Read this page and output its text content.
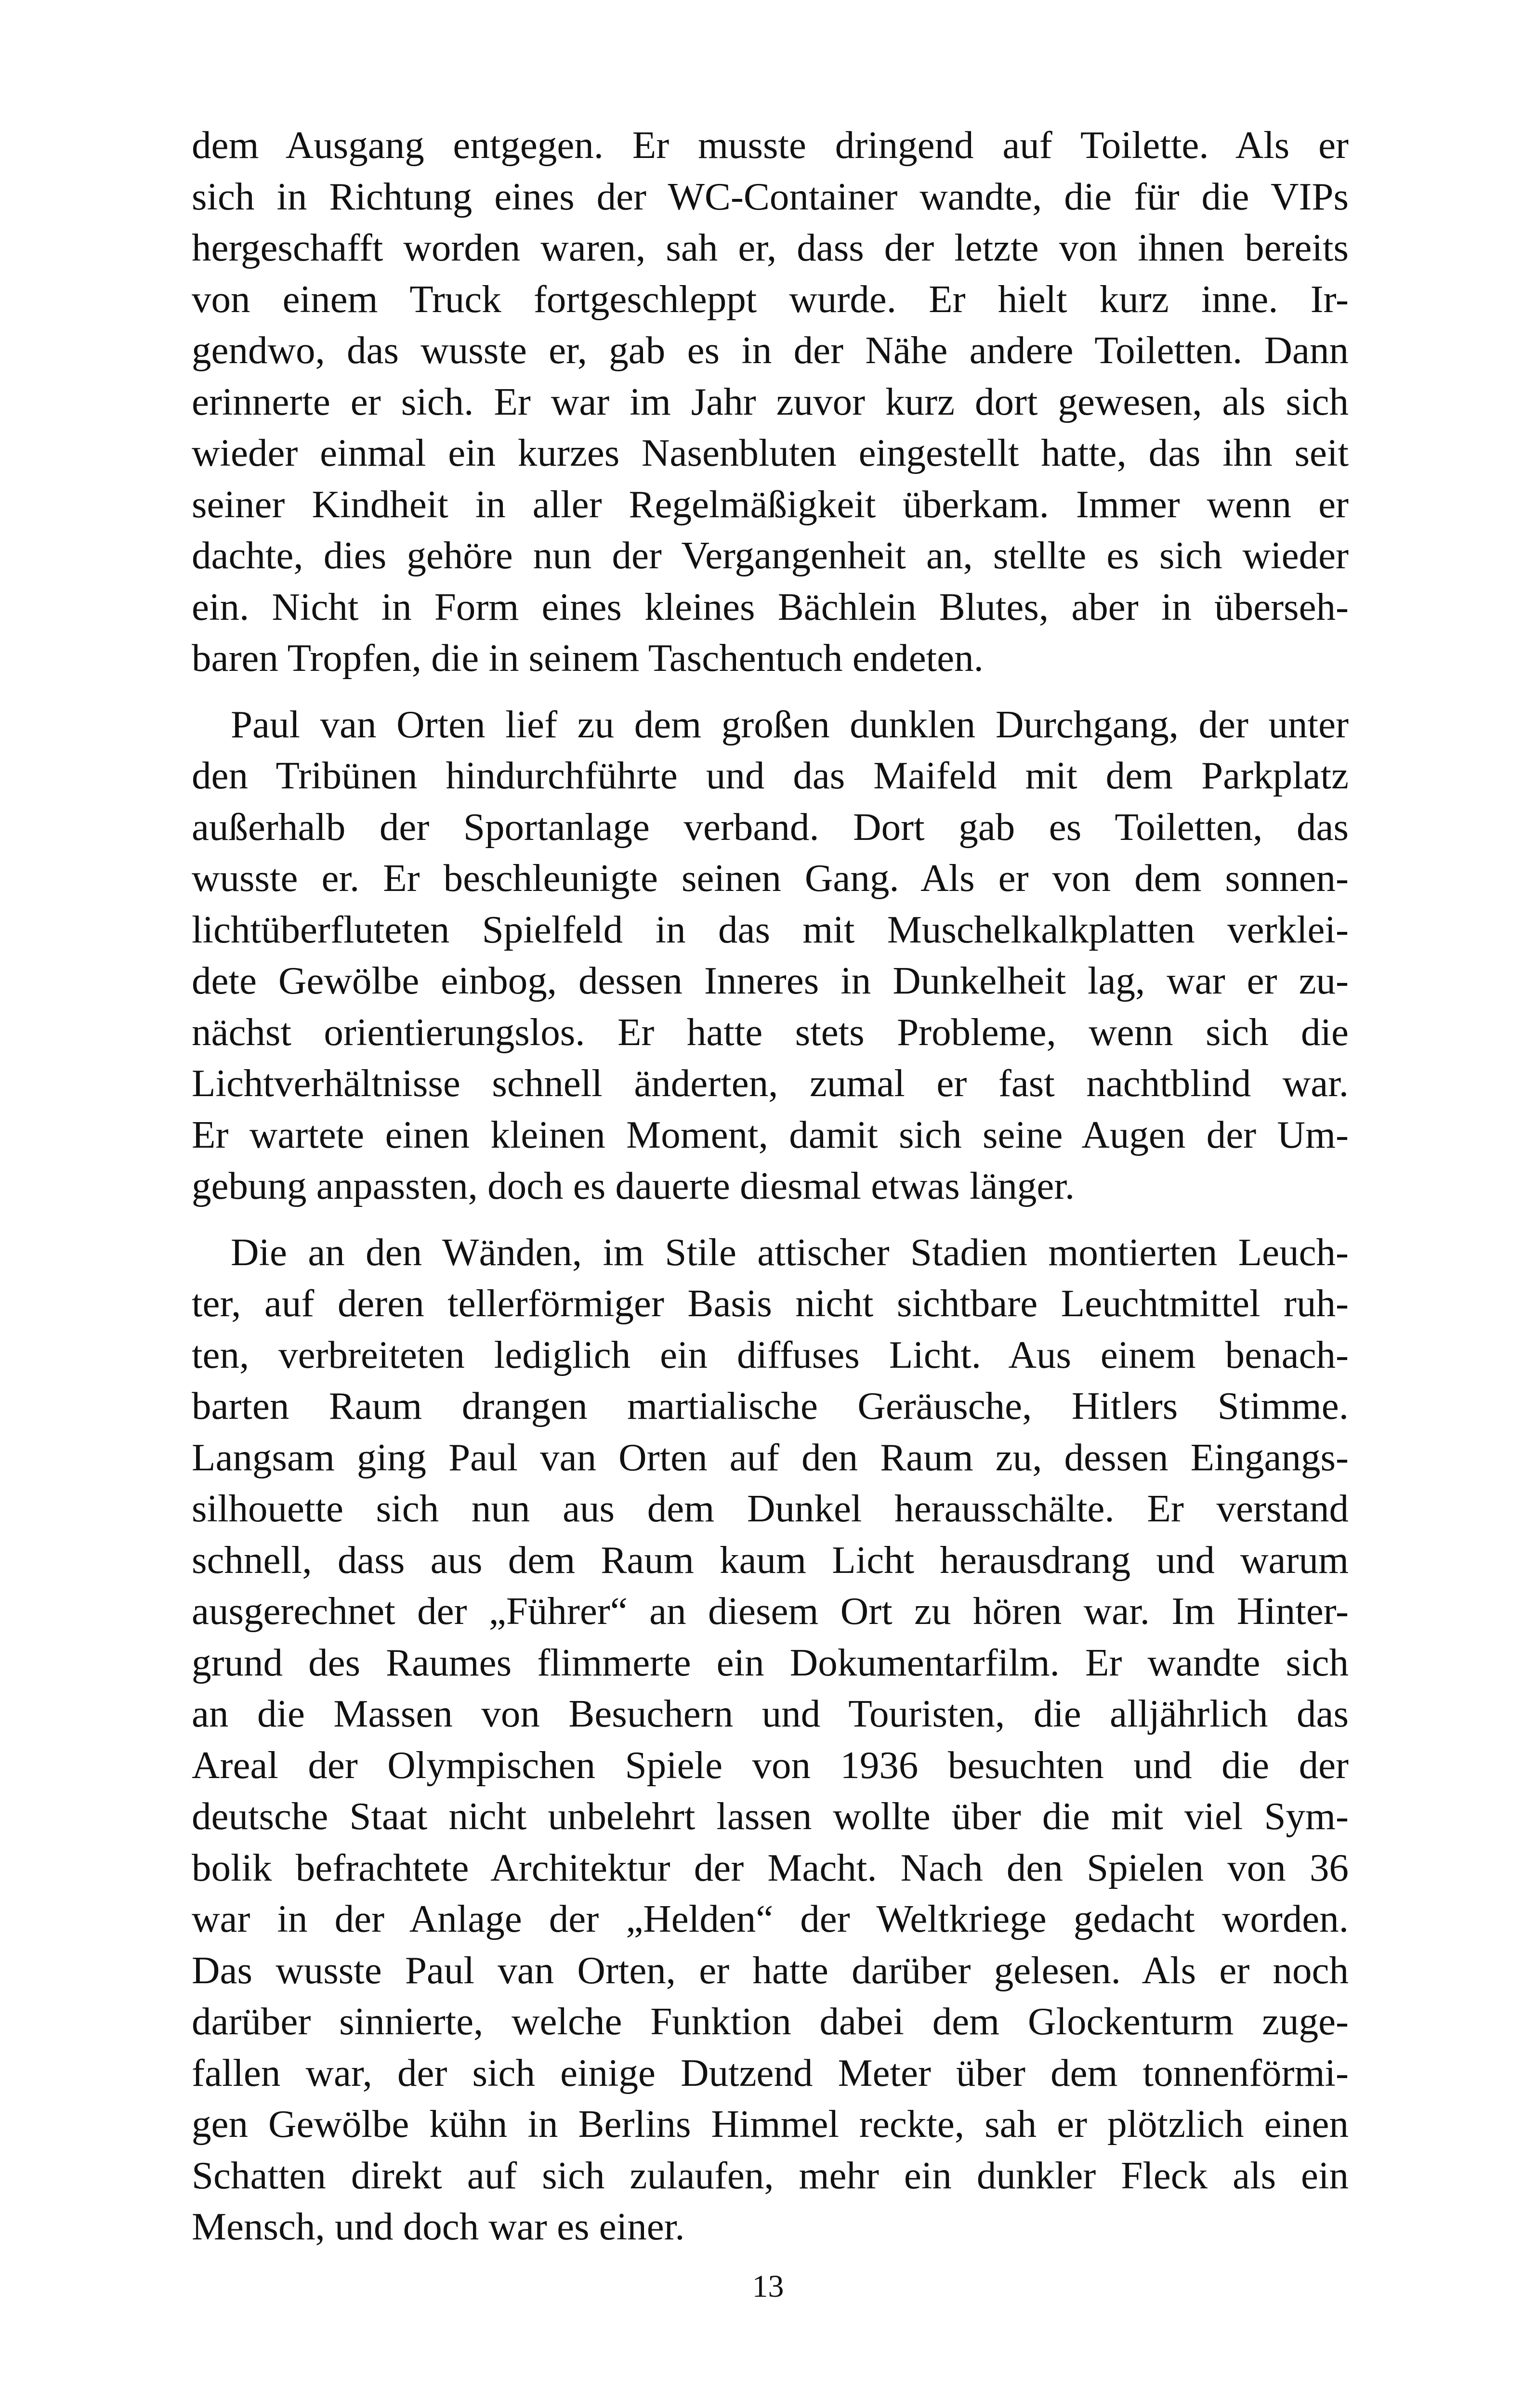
dem Ausgang entgegen. Er musste dringend auf Toilette. Als er
sich in Richtung eines der WC-Container wandte, die für die VIPs
hergeschafft worden waren, sah er, dass der letzte von ihnen bereits
von einem Truck fortgeschleppt wurde. Er hielt kurz inne. Ir-
gendwo, das wusste er, gab es in der Nähe andere Toiletten. Dann
erinnerte er sich. Er war im Jahr zuvor kurz dort gewesen, als sich
wieder einmal ein kurzes Nasenbluten eingestellt hatte, das ihn seit
seiner Kindheit in aller Regelmäßigkeit überkam. Immer wenn er
dachte, dies gehöre nun der Vergangenheit an, stellte es sich wieder
ein. Nicht in Form eines kleines Bächlein Blutes, aber in überseh-
baren Tropfen, die in seinem Taschentuch endeten.
Paul van Orten lief zu dem großen dunklen Durchgang, der unter
den Tribünen hindurchführte und das Maifeld mit dem Parkplatz
außerhalb der Sportanlage verband. Dort gab es Toiletten, das
wusste er. Er beschleunigte seinen Gang. Als er von dem sonnen-
lichtüberfluteten Spielfeld in das mit Muschelkalkplatten verklei-
dete Gewölbe einbog, dessen Inneres in Dunkelheit lag, war er zu-
nächst orientierungslos. Er hatte stets Probleme, wenn sich die
Lichtverhältnisse schnell änderten, zumal er fast nachtblind war.
Er wartete einen kleinen Moment, damit sich seine Augen der Um-
gebung anpassten, doch es dauerte diesmal etwas länger.
Die an den Wänden, im Stile attischer Stadien montierten Leuch-
ter, auf deren tellerförmiger Basis nicht sichtbare Leuchtmittel ruh-
ten, verbreiteten lediglich ein diffuses Licht. Aus einem benach-
barten Raum drangen martialische Geräusche, Hitlers Stimme.
Langsam ging Paul van Orten auf den Raum zu, dessen Eingangs-
silhouette sich nun aus dem Dunkel herausschälte. Er verstand
schnell, dass aus dem Raum kaum Licht herausdrang und warum
ausgerechnet der „Führer“ an diesem Ort zu hören war. Im Hinter-
grund des Raumes flimmerte ein Dokumentarfilm. Er wandte sich
an die Massen von Besuchern und Touristen, die alljährlich das
Areal der Olympischen Spiele von 1936 besuchten und die der
deutsche Staat nicht unbelehrt lassen wollte über die mit viel Sym-
bolik befrachtete Architektur der Macht. Nach den Spielen von 36
war in der Anlage der „Helden“ der Weltkriege gedacht worden.
Das wusste Paul van Orten, er hatte darüber gelesen. Als er noch
darüber sinnierte, welche Funktion dabei dem Glockenturm zuge-
fallen war, der sich einige Dutzend Meter über dem tonnenförmi-
gen Gewölbe kühn in Berlins Himmel reckte, sah er plötzlich einen
Schatten direkt auf sich zulaufen, mehr ein dunkler Fleck als ein
Mensch, und doch war es einer.
13
